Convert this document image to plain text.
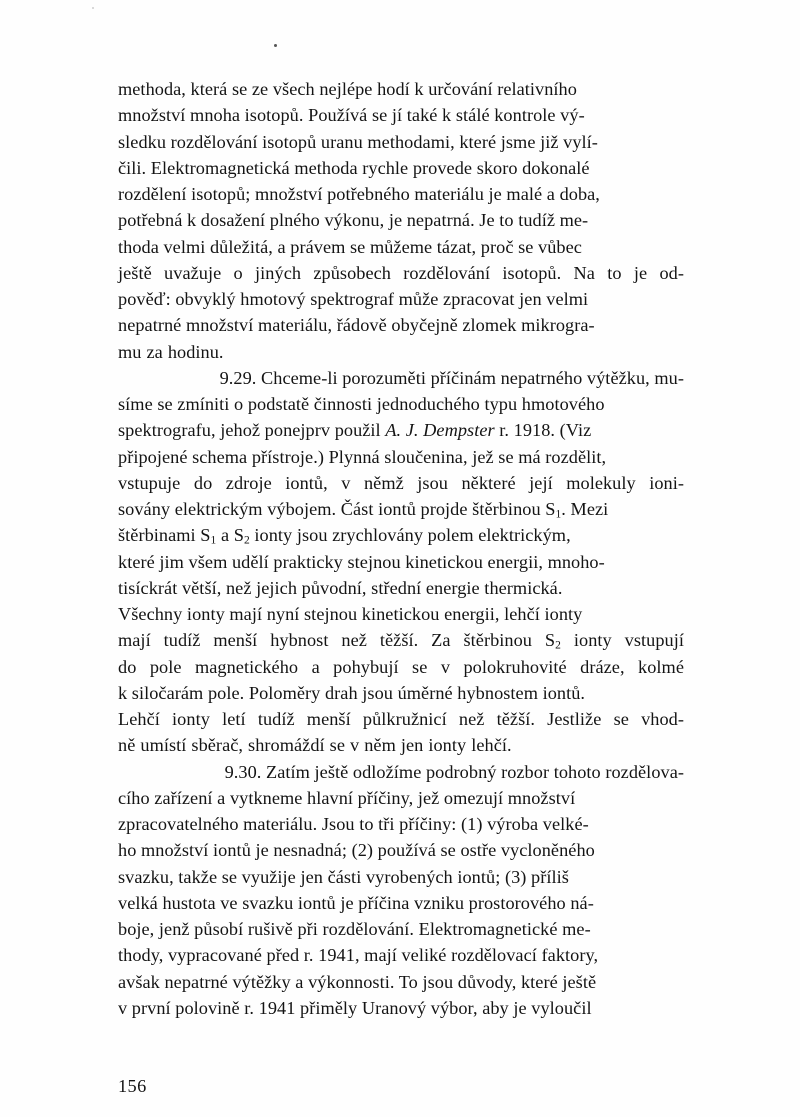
methoda, která se ze všech nejlépe hodí k určování relativního
množství mnoha isotopů. Používá se jí také k stálé kontrole vý-
sledku rozdělování isotopů uranu methodami, které jsme již vylí-
čili. Elektromagnetická methoda rychle provede skoro dokonalé
rozdělení isotopů; množství potřebného materiálu je malé a doba,
potřebná k dosažení plného výkonu, je nepatrná. Je to tudíž me-
thoda velmi důležitá, a právem se můžeme tázat, proč se vůbec
ještě uvažuje o jiných způsobech rozdělování isotopů. Na to je od-
pověď: obvyklý hmotový spektrograf může zpracovat jen velmi
nepatrné množství materiálu, řádově obyčejně zlomek mikrogra-
mu za hodinu.
9.29. Chceme-li porozuměti příčinám nepatrného výtěžku, mu-
síme se zmíniti o podstatě činnosti jednoduchého typu hmotového
spektrografu, jehož ponejprv použil A. J. Dempster r. 1918. (Viz
připojené schema přístroje.) Plynná sloučenina, jež se má rozdělit,
vstupuje do zdroje iontů, v němž jsou některé její molekuly ioni-
sovány elektrickým výbojem. Část iontů projde štěrbinou $S_1$. Mezi
štěrbinami $S_1$ a $S_2$ ionty jsou zrychlovány polem elektrickým,
které jim všem udělí prakticky stejnou kinetickou energii, mnoho-
tisíckrát větší, než jejich původní, střední energie thermická.
Všechny ionty mají nyní stejnou kinetickou energii, lehčí ionty
mají tudíž menší hybnost než těžší. Za štěrbinou $S_2$ ionty vstupují
do pole magnetického a pohybují se v polokruhovité dráze, kolmé
k siločarám pole. Poloměry drah jsou úměrné hybnostem iontů.
Lehčí ionty letí tudíž menší půlkružnicí než těžší. Jestliže se vhod-
ně umístí sběrač, shromáždí se v něm jen ionty lehčí.
9.30. Zatím ještě odložíme podrobný rozbor tohoto rozdělova-
cího zařízení a vytkneme hlavní příčiny, jež omezují množství
zpracovatelného materiálu. Jsou to tři příčiny: (1) výroba velké-
ho množství iontů je nesnadná; (2) používá se ostře vycloněného
svazku, takže se využije jen části vyrobených iontů; (3) příliš
velká hustota ve svazku iontů je příčina vzniku prostorového ná-
boje, jenž působí rušivě při rozdělování. Elektromagnetické me-
thody, vypracované před r. 1941, mají veliké rozdělovací faktory,
avšak nepatrné výtěžky a výkonnosti. To jsou důvody, které ještě
v první polovině r. 1941 přiměly Uranový výbor, aby je vyloučil
156
